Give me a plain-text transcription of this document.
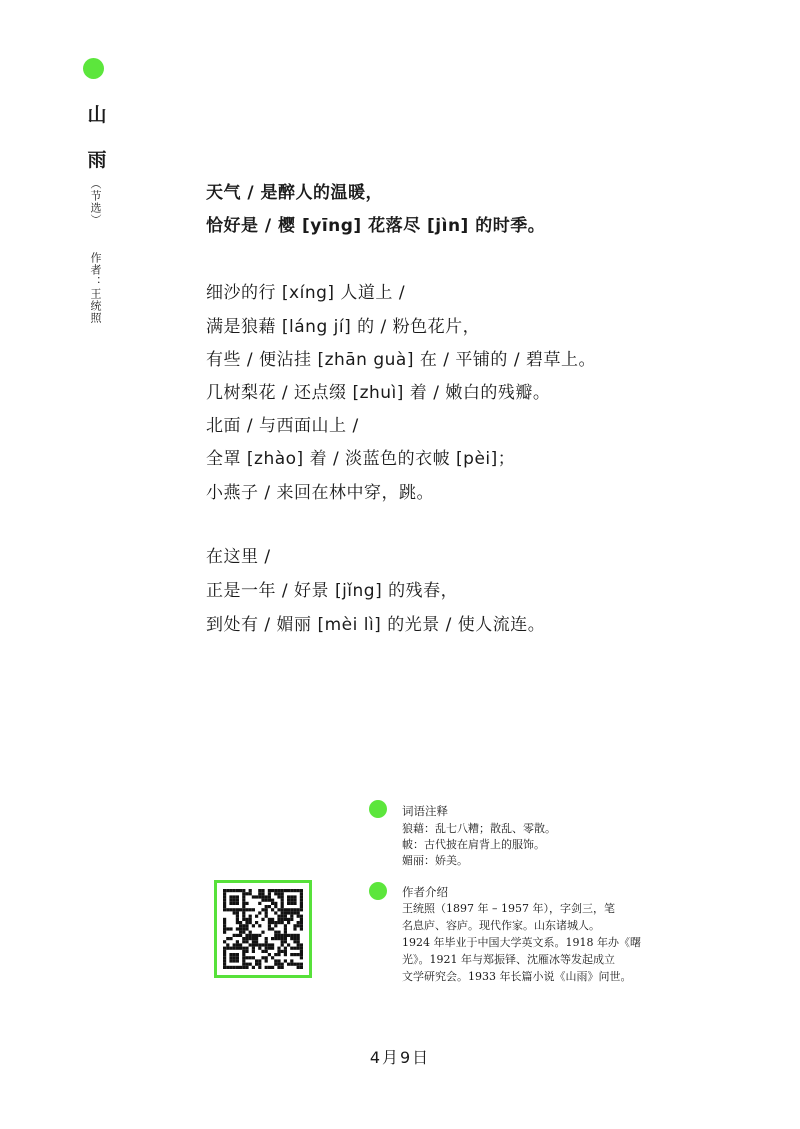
山
雨
（节选）
作者：王统照
天气 / 是醉人的温暖，
恰好是 / 樱 [yīng] 花落尽 [jìn] 的时季。
细沙的行 [xíng] 人道上 /
满是狼藉 [láng jí] 的 / 粉色花片，
有些 / 便沾挂 [zhān guà] 在 / 平铺的 / 碧草上。
几树梨花 / 还点缀 [zhuì] 着 / 嫩白的残瓣。
北面 / 与西面山上 /
全罩 [zhào] 着 / 淡蓝色的衣帔 [pèi]；
小燕子 / 来回在林中穿，跳。
在这里 /
正是一年 / 好景 [jǐng] 的残春，
到处有 / 媚丽 [mèi lì] 的光景 / 使人流连。
词语注释
狼藉：乱七八糟；散乱、零散。
帔：古代披在肩背上的服饰。
媚丽：娇美。
作者介绍
王统照（1897 年 – 1957 年），字剑三，笔
名息庐、容庐。现代作家。山东诸城人。
1924 年毕业于中国大学英文系。1918 年办《曙
光》。1921 年与郑振铎、沈雁冰等发起成立
文学研究会。1933 年长篇小说《山雨》问世。
4月9日
